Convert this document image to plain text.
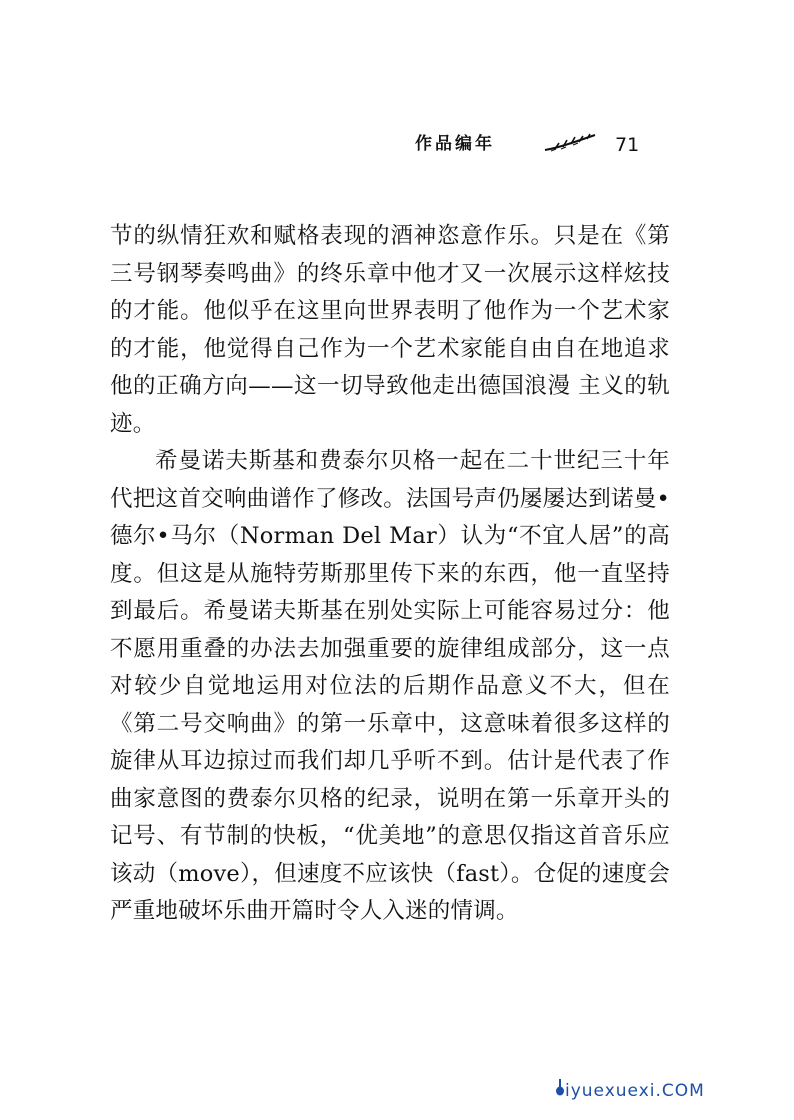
作品编年	71

节的纵情狂欢和赋格表现的酒神恣意作乐。只是在《第三号钢琴奏鸣曲》的终乐章中他才又一次展示这样炫技的才能。他似乎在这里向世界表明了他作为一个艺术家的才能，他觉得自己作为一个艺术家能自由自在地追求他的正确方向——这一切导致他走出德国浪漫 主义的轨迹。

希曼诺夫斯基和费泰尔贝格一起在二十世纪三十年代把这首交响曲谱作了修改。法国号声仍屡屡达到诺曼•德尔•马尔（Norman Del Mar）认为“不宜人居”的高度。但这是从施特劳斯那里传下来的东西，他一直坚持到最后。希曼诺夫斯基在别处实际上可能容易过分：他不愿用重叠的办法去加强重要的旋律组成部分，这一点对较少自觉地运用对位法的后期作品意义不大，但在《第二号交响曲》的第一乐章中，这意味着很多这样的旋律从耳边掠过而我们却几乎听不到。估计是代表了作曲家意图的费泰尔贝格的纪录，说明在第一乐章开头的记号、有节制的快板，“优美地”的意思仅指这首音乐应该动（move），但速度不应该快（fast）。仓促的速度会严重地破坏乐曲开篇时令人入迷的情调。

iyuexuexi.COM
